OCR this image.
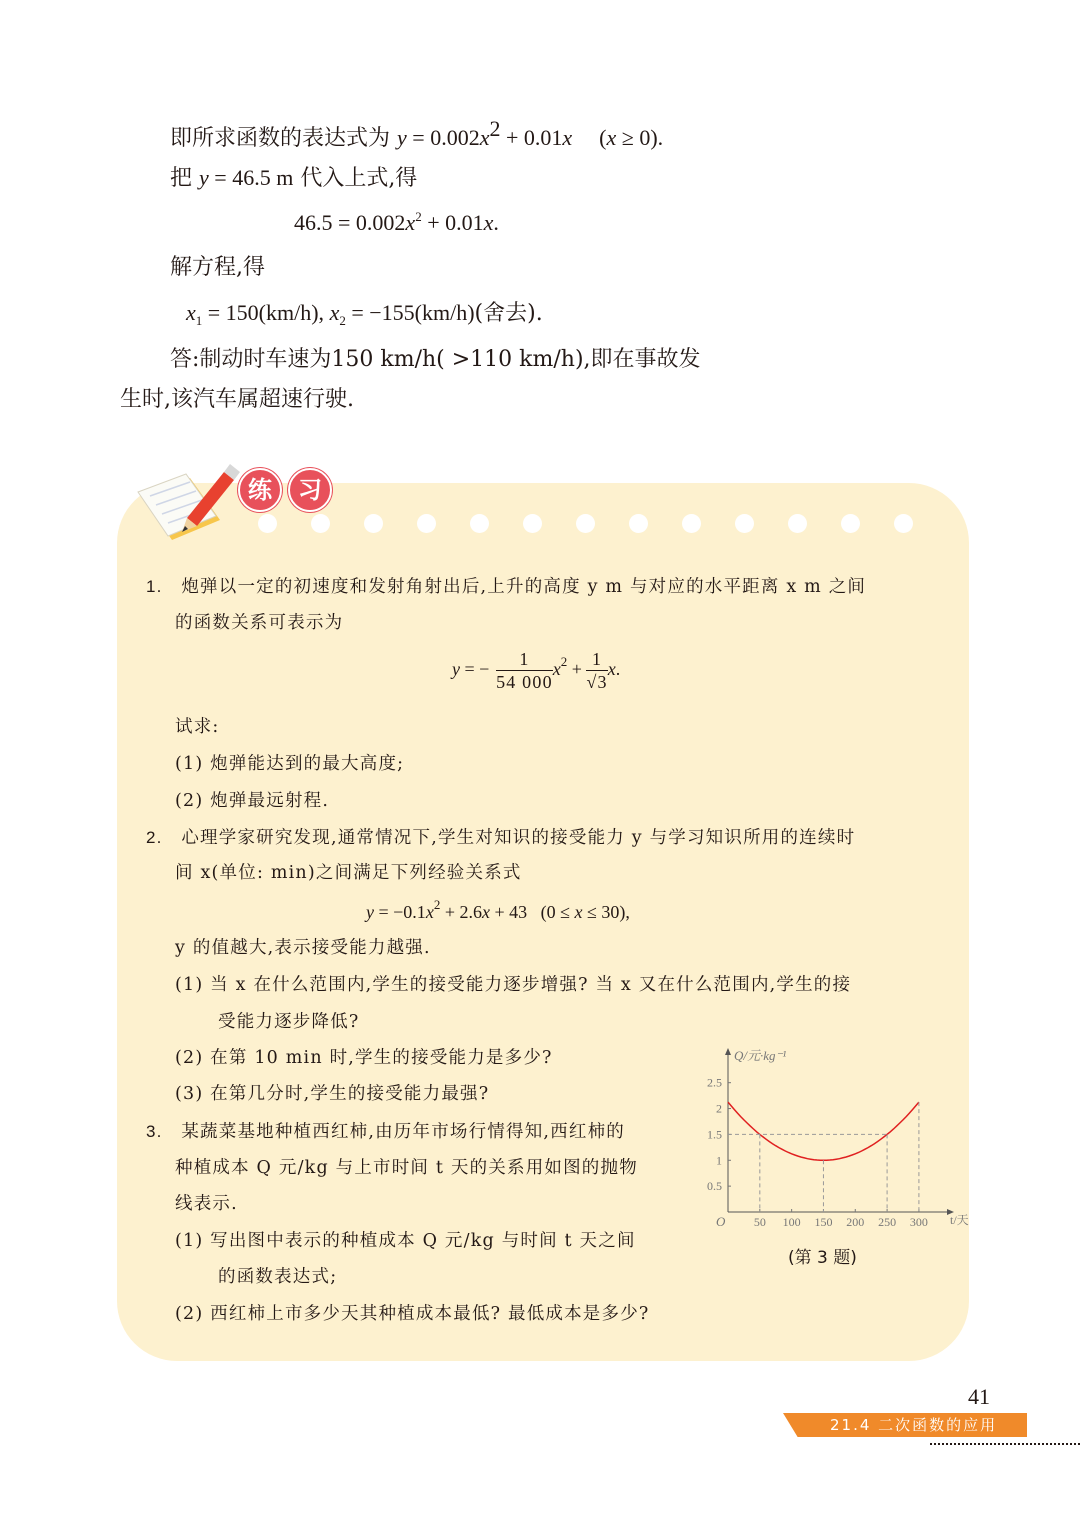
即所求函数的表达式为 $y = 0.002x^2 + 0.01x$ (x ≥ 0).
把 y = 46.5 m 代入上式,得
$46.5 = 0.002x^2 + 0.01x$.
解方程,得
$x_1 = 150(km/h)$, $x_2 = -155(km/h)$(舍去).
答:制动时车速为150 km/h( >110 km/h),即在事故发
生时,该汽车属超速行驶.
练	习
1. 炮弹以一定的初速度和发射角射出后,上升的高度 y m 与对应的水平距离 x m 之间
的函数关系可表示为
y = − $\frac{1}{54 000} x^2 + \frac{1}{√3} x$.
试求:
(1) 炮弹能达到的最大高度;
(2) 炮弹最远射程.
2. 心理学家研究发现,通常情况下,学生对知识的接受能力 y 与学习知识所用的连续时
间 x(单位: min)之间满足下列经验关系式
$y = -0.1x^2 + 2.6x + 43$   (0 ≤ x ≤ 30),
y 的值越大,表示接受能力越强.
(1) 当 x 在什么范围内,学生的接受能力逐步增强? 当 x 又在什么范围内,学生的接
受能力逐步降低?
(2) 在第 10 min 时,学生的接受能力是多少?
(3) 在第几分时,学生的接受能力最强?
3. 某蔬菜基地种植西红柿,由历年市场行情得知,西红柿的
种植成本 Q 元/kg 与上市时间 t 天的关系用如图的抛物
线表示.
(1) 写出图中表示的种植成本 Q 元/kg 与时间 t 天之间
的函数表达式;
(2) 西红柿上市多少天其种植成本最低? 最低成本是多少?
Q/元·kg⁻¹
t/天
O 50 100 150 200 250 300
0.5
1
1.5
2
2.5
(第 3 题)
41
21.4 二次函数的应用
